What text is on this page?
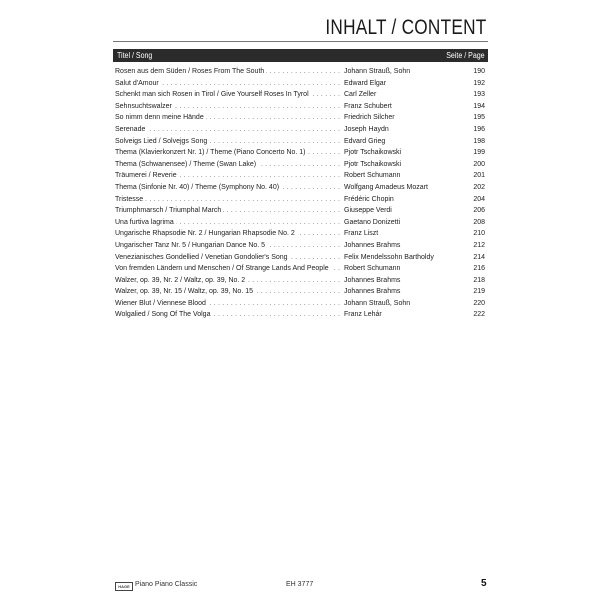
INHALT / CONTENT
Titel / Song	Seite / Page
Rosen aus dem Süden / Roses From The South . . .	Johann Strauß, Sohn	190
Salut d'Amour . . .	Edward Elgar	192
Schenkt man sich Rosen in Tirol / Give Yourself Roses In Tyrol . . .	Carl Zeller	193
Sehnsuchtswalzer . . .	Franz Schubert	194
So nimm denn meine Hände . . .	Friedrich Silcher	195
Serenade . . .	Joseph Haydn	196
Solveigs Lied / Solvejgs Song . . .	Edvard Grieg	198
Thema (Klavierkonzert Nr. 1) / Theme (Piano Concerto No. 1) . . .	Pjotr Tschaikowski	199
Thema (Schwanensee) / Theme (Swan Lake) . . .	Pjotr Tschaikowski	200
Träumerei / Reverie . . .	Robert Schumann	201
Thema (Sinfonie Nr. 40) / Theme (Symphony No. 40) . . .	Wolfgang Amadeus Mozart	202
Tristesse . . .	Frédéric Chopin	204
Triumphmarsch / Triumphal March . . .	Giuseppe Verdi	206
Una furtiva lagrima . . .	Gaetano Donizetti	208
Ungarische Rhapsodie Nr. 2 / Hungarian Rhapsodie No. 2 . . .	Franz Liszt	210
Ungarischer Tanz Nr. 5 / Hungarian Dance No. 5 . . .	Johannes Brahms	212
Venezianisches Gondellied / Venetian Gondolier's Song . . .	Felix Mendelssohn Bartholdy	214
Von fremden Ländern und Menschen / Of Strange Lands And People . . .	Robert Schumann	216
Walzer, op. 39, Nr. 2 / Waltz, op. 39, No. 2 . . .	Johannes Brahms	218
Walzer, op. 39, Nr. 15 / Waltz, op. 39, No. 15 . . .	Johannes Brahms	219
Wiener Blut / Viennese Blood . . .	Johann Strauß, Sohn	220
Wolgalied / Song Of The Volga . . .	Franz Lehár	222
HAGE Piano Piano Classic	EH 3777	5
